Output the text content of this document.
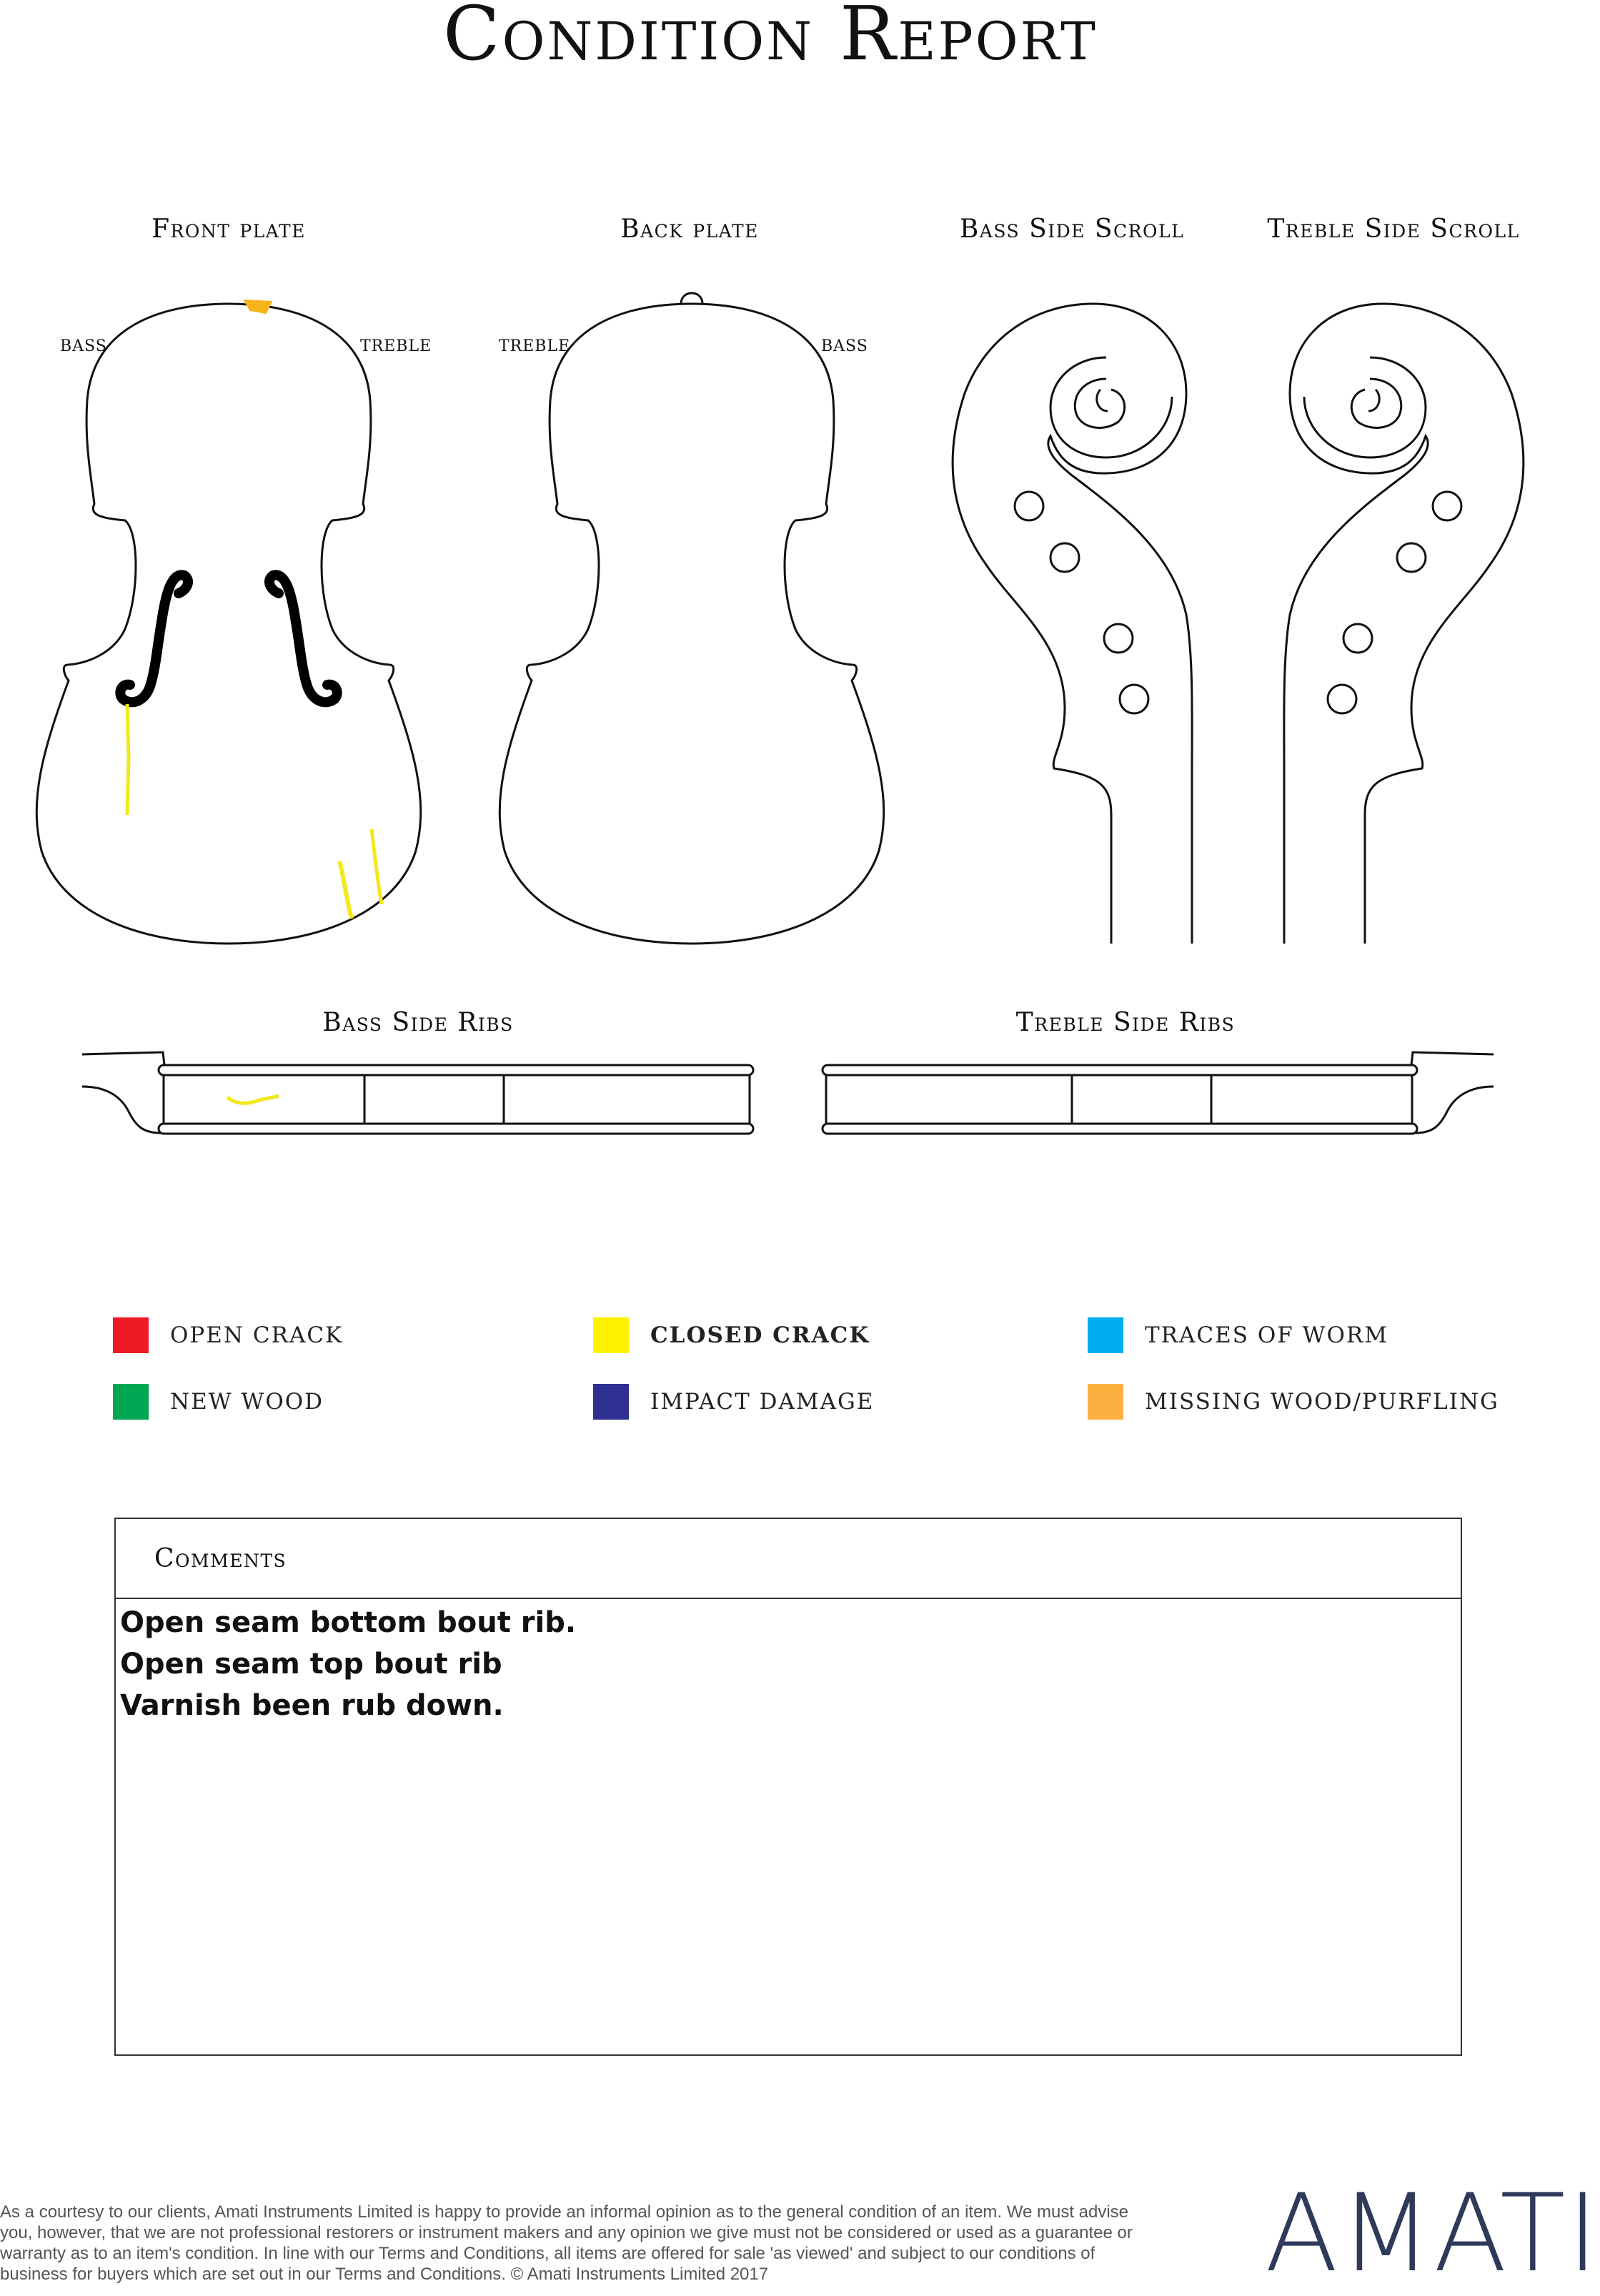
Condition Report
Front plate	Back plate	Bass Side Scroll	Treble Side Scroll
Bass Side Ribs	Treble Side Ribs
BASS	TREBLE	TREBLE	BASS
OPEN CRACK	CLOSED CRACK	TRACES OF WORM
NEW WOOD	IMPACT DAMAGE	MISSING WOOD/PURFLING
Comments
Open seam bottom bout rib.
Open seam top bout rib
Varnish been rub down.
As a courtesy to our clients, Amati Instruments Limited is happy to provide an informal opinion as to the general condition of an item. We must advise you, however, that we are not professional restorers or instrument makers and any opinion we give must not be considered or used as a guarantee or warranty as to an item's condition. In line with our Terms and Conditions, all items are offered for sale 'as viewed' and subject to our conditions of business for buyers which are set out in our Terms and Conditions. © Amati Instruments Limited 2017	AMATI
